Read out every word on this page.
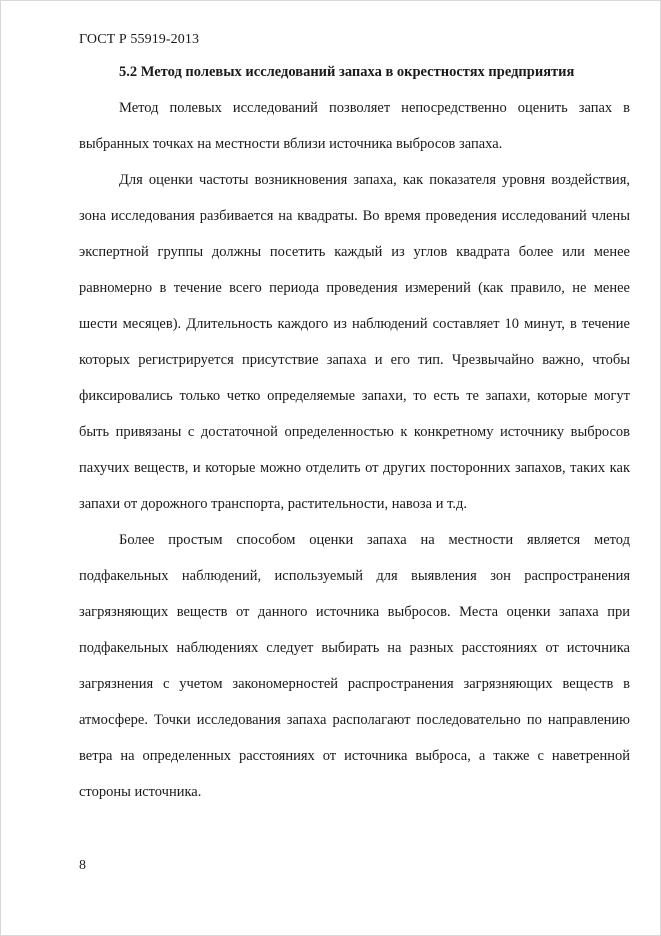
ГОСТ Р 55919-2013
5.2 Метод полевых исследований запаха в окрестностях предприятия

Метод полевых исследований позволяет непосредственно оценить запах в выбранных точках на местности вблизи источника выбросов запаха.

Для оценки частоты возникновения запаха, как показателя уровня воздействия, зона исследования разбивается на квадраты. Во время проведения исследований члены экспертной группы должны посетить каждый из углов квадрата более или менее равномерно в течение всего периода проведения измерений (как правило, не менее шести месяцев). Длительность каждого из наблюдений составляет 10 минут, в течение которых регистрируется присутствие запаха и его тип. Чрезвычайно важно, чтобы фиксировались только четко определяемые запахи, то есть те запахи, которые могут быть привязаны с достаточной определенностью к конкретному источнику выбросов пахучих веществ, и которые можно отделить от других посторонних запахов, таких как запахи от дорожного транспорта, растительности, навоза и т.д.

Более простым способом оценки запаха на местности является метод подфакельных наблюдений, используемый для выявления зон распространения загрязняющих веществ от данного источника выбросов. Места оценки запаха при подфакельных наблюдениях следует выбирать на разных расстояниях от источника загрязнения с учетом закономерностей распространения загрязняющих веществ в атмосфере. Точки исследования запаха располагают последовательно по направлению ветра на определенных расстояниях от источника выброса, а также с наветренной стороны источника.

8
